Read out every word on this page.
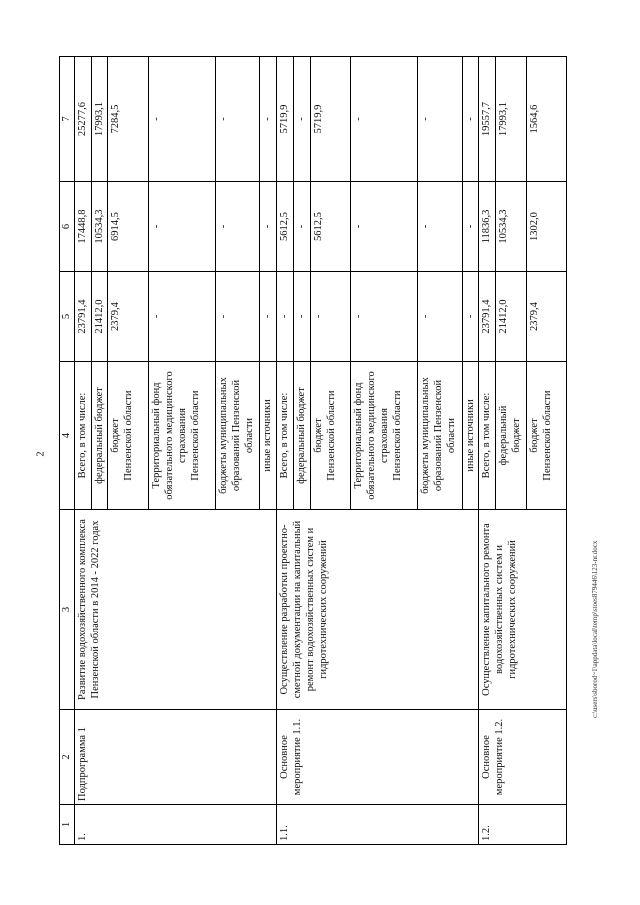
2
1	2	3	4	5	6	7
1.	Подпрограмма 1	Развитие водохозяйственного комплекса Пензенской области в 2014 - 2022 годах	Всего, в том числе:	23791,4	17448,8	25277,6
			федеральный бюджет	21412,0	10534,3	17993,1

			бюджет Пензенской области	2379,4	6914,5	7284,5

			Территориальный фонд обязательного медицинского страхования Пензенской области	-	-	-
			бюджеты муниципальных образований Пензенской области	-	-	-
			иные источники	-	-	-
1.1.	Основное мероприятие 1.1.	Осуществление разработки проектно-сметной документации на капитальный ремонт водохозяйственных систем и гидротехнических сооружений	Всего, в том числе:	-	5612,5	5719,9
			федеральный бюджет	-	-	-

			бюджет Пензенской области	-	5612,5	5719,9

			Территориальный фонд обязательного медицинского страхования Пензенской области	-	-	-
			бюджеты муниципальных образований Пензенской области	-	-	-
			иные источники	-	-	-
1.2.	Основное мероприятие 1.2.	Осуществление капитального ремонта водохозяйственных систем и гидротехнических сооружений	Всего, в том числе:	23791,4	11836,3	19557,7

			федеральный бюджет	21412,0	10534,3	17993,1

			бюджет Пензенской области	2379,4	1302,0	1564,6
c:\users\sborod~1\appdata\local\temp\stoes879446\123-nr.docx
